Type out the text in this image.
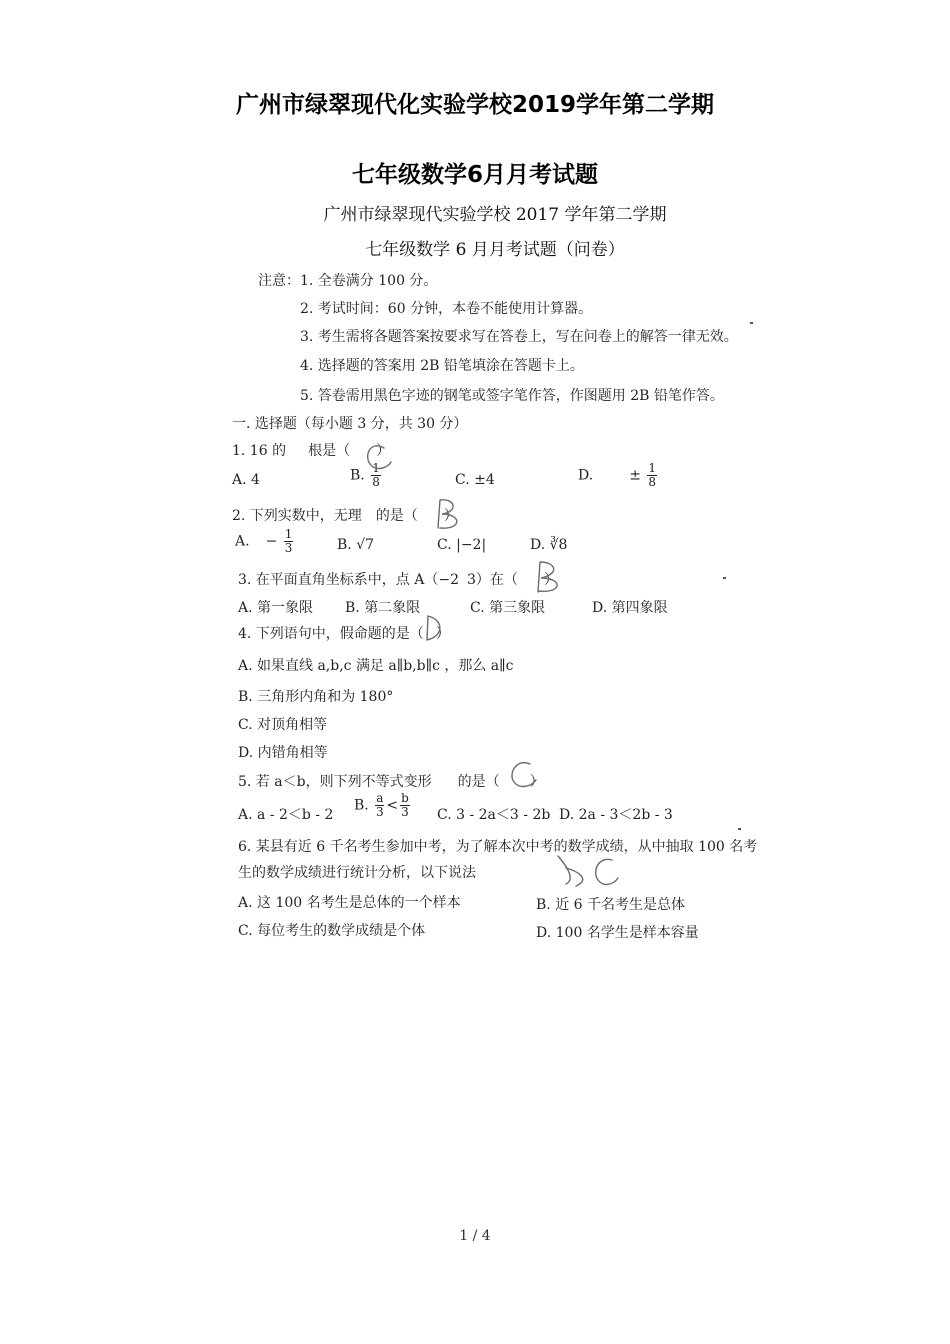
广州市绿翠现代化实验学校2019学年第二学期
七年级数学6月月考试题
广州市绿翠现代实验学校 2017 学年第二学期
七年级数学 6 月月考试题（问卷）
注意： 1. 全卷满分 100 分。
2. 考试时间：60 分钟，本卷不能使用计算器。
3. 考生需将各题答案按要求写在答卷上，写在问卷上的解答一律无效。
4. 选择题的答案用 2B 铅笔填涂在答题卡上。
5. 答卷需用黑色字迹的钢笔或签字笔作答，作图题用 2B 铅笔作答。
一. 选择题（每小题 3 分，共 30 分）
1. 16 的 根是（ ）
A. 4	B. $\frac{1}{8}$	C. ±4	D.	± $\frac{1}{8}$
2. 下列实数中，无理 的是（ ）
A. − $\frac{1}{3}$	B. √7	C. |−2|	D. ∛8
3. 在平面直角坐标系中，点 A（−2 3）在（ ）
A. 第一象限 B. 第二象限	C. 第三象限	D. 第四象限
4. 下列语句中，假命题的是（ ）
A. 如果直线 a,b,c 满足 a∥b,b∥c ，那么 a∥c
B. 三角形内角和为 180°
C. 对顶角相等
D. 内错角相等
5. 若 a＜b，则下列不等式变形 的是（ ）
A. a - 2＜b - 2
B. $\frac{a}{3} < \frac{b}{3} C$. 3 - 2a＜3 - 2b D. 2a - 3＜2b - 3
6. 某县有近 6 千名考生参加中考，为了解本次中考的数学成绩，从中抽取 100 名考
生的数学成绩进行统计分析，以下说法
A. 这 100 名考生是总体的一个样本	B. 近 6 千名考生是总体
C. 每位考生的数学成绩是个体	D. 100 名学生是样本容量
1 / 4
